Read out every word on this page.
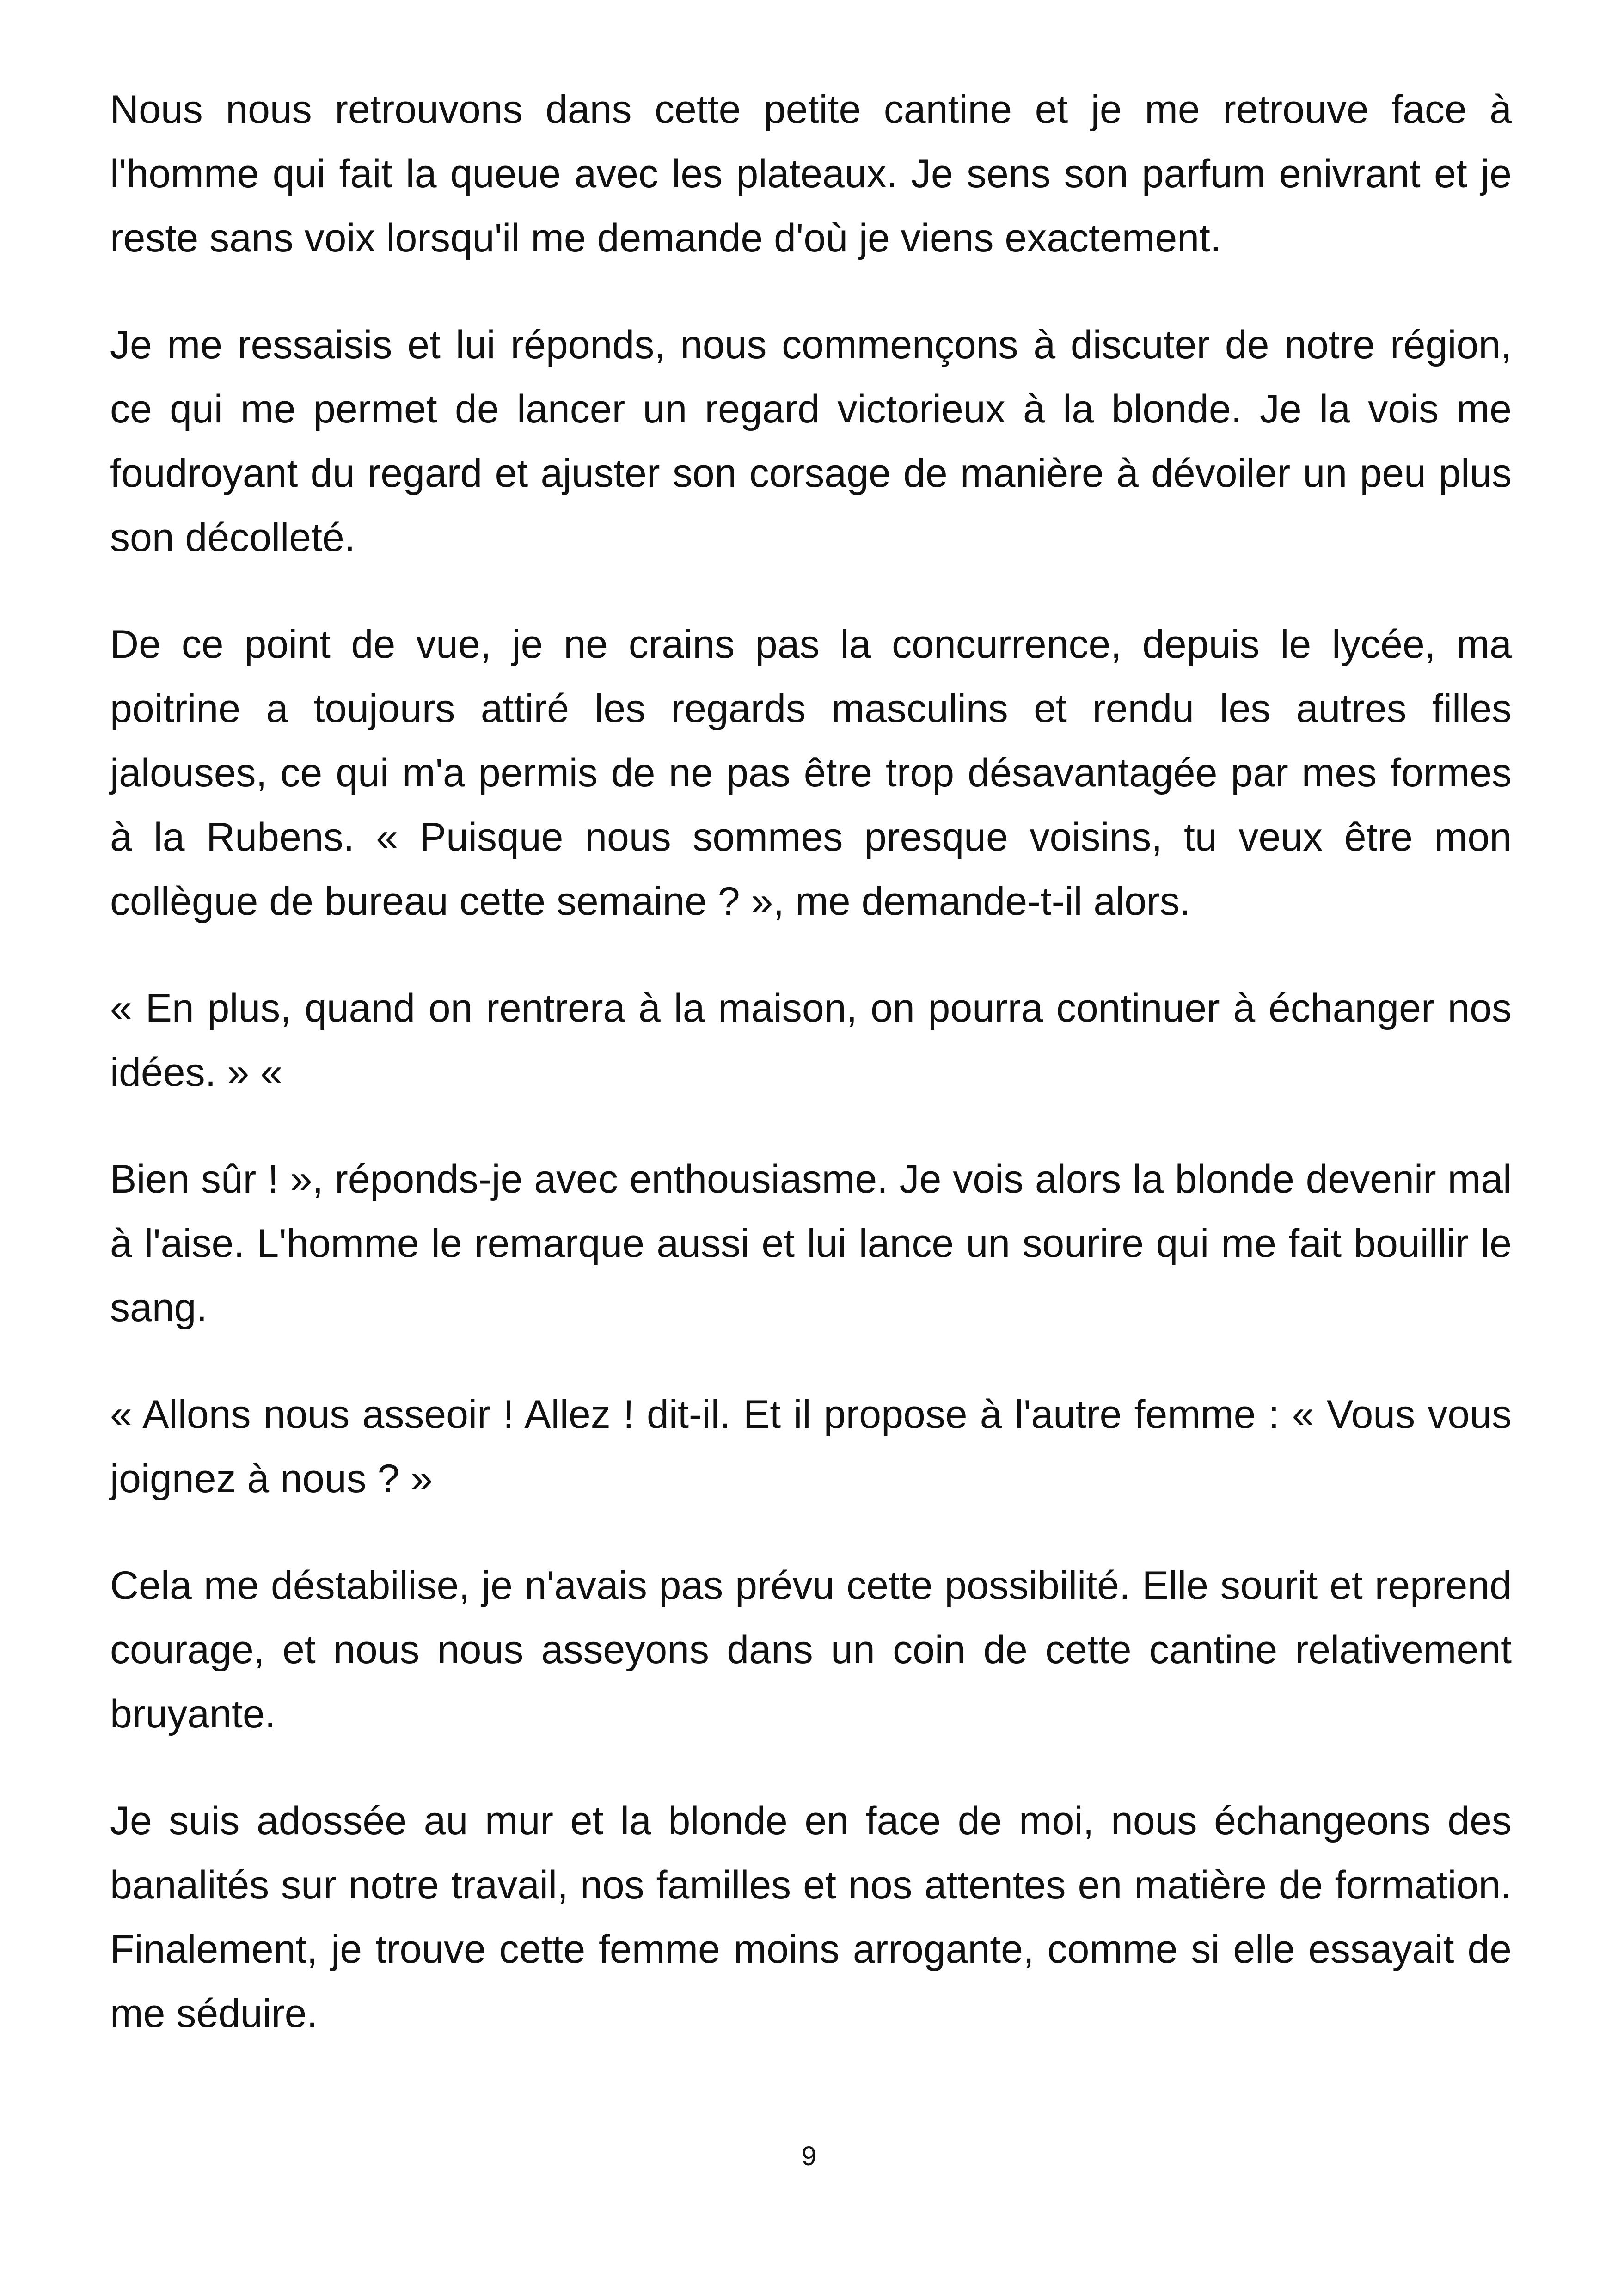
Nous nous retrouvons dans cette petite cantine et je me retrouve face à l'homme qui fait la queue avec les plateaux. Je sens son parfum enivrant et je reste sans voix lorsqu'il me demande d'où je viens exactement.

Je me ressaisis et lui réponds, nous commençons à discuter de notre région, ce qui me permet de lancer un regard victorieux à la blonde. Je la vois me foudroyant du regard et ajuster son corsage de manière à dévoiler un peu plus son décolleté.

De ce point de vue, je ne crains pas la concurrence, depuis le lycée, ma poitrine a toujours attiré les regards masculins et rendu les autres filles jalouses, ce qui m'a permis de ne pas être trop désavantagée par mes formes à la Rubens. « Puisque nous sommes presque voisins, tu veux être mon collègue de bureau cette semaine ? », me demande-t-il alors.

« En plus, quand on rentrera à la maison, on pourra continuer à échanger nos idées. » «

Bien sûr ! », réponds-je avec enthousiasme. Je vois alors la blonde devenir mal à l'aise. L'homme le remarque aussi et lui lance un sourire qui me fait bouillir le sang.

« Allons nous asseoir ! Allez ! dit-il. Et il propose à l'autre femme : « Vous vous joignez à nous ? »

Cela me déstabilise, je n'avais pas prévu cette possibilité. Elle sourit et reprend courage, et nous nous asseyons dans un coin de cette cantine relativement bruyante.

Je suis adossée au mur et la blonde en face de moi, nous échangeons des banalités sur notre travail, nos familles et nos attentes en matière de formation. Finalement, je trouve cette femme moins arrogante, comme si elle essayait de me séduire.

9
